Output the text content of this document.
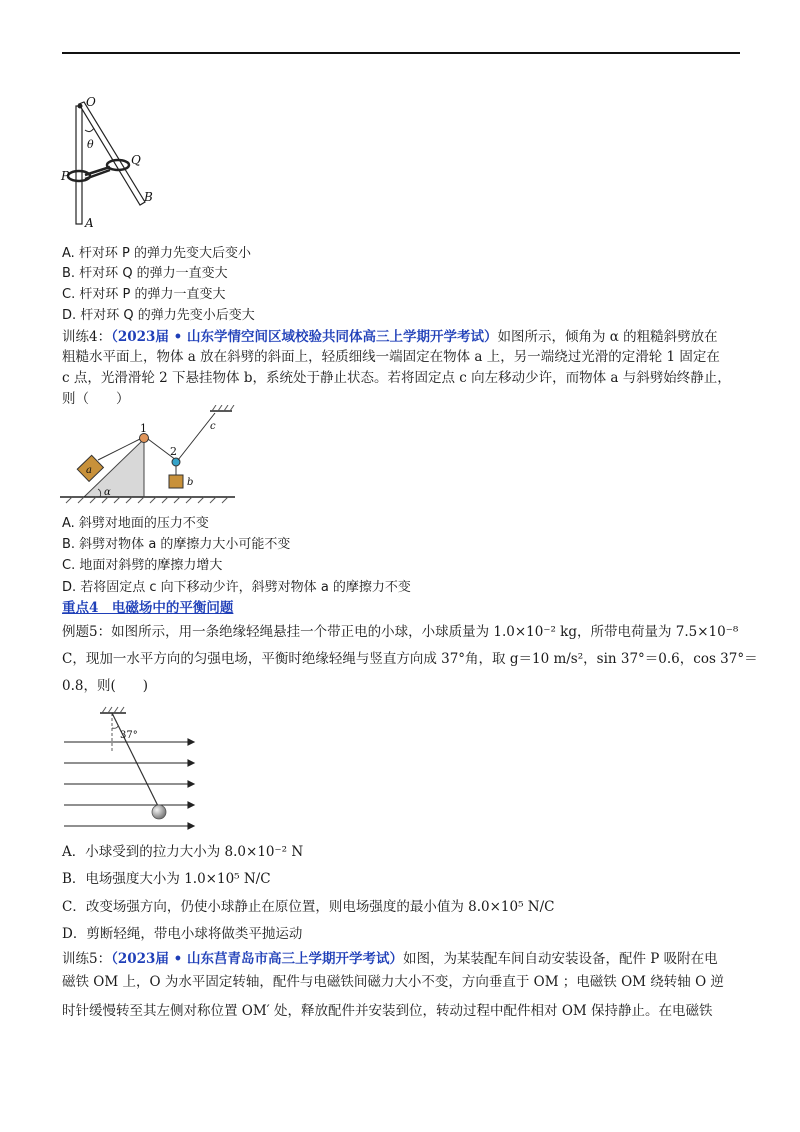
O
θ
Q
P
B
A
A. 杆对环 P 的弹力先变大后变小
B. 杆对环 Q 的弹力一直变大
C. 杆对环 P 的弹力一直变大
D. 杆对环 Q 的弹力先变小后变大
训练4：（2023届 • 山东学情空间区域校验共同体高三上学期开学考试）如图所示，倾角为 α 的粗糙斜劈放在
粗糙水平面上，物体 a 放在斜劈的斜面上，轻质细线一端固定在物体 a 上，另一端绕过光滑的定滑轮 1 固定在
c 点，光滑滑轮 2 下悬挂物体 b，系统处于静止状态。若将固定点 c 向左移动少许，而物体 a 与斜劈始终静止，
则（　　）
1
2
c
a
b
α
A. 斜劈对地面的压力不变
B. 斜劈对物体 a 的摩擦力大小可能不变
C. 地面对斜劈的摩擦力增大
D. 若将固定点 c 向下移动少许，斜劈对物体 a 的摩擦力不变
重点4　电磁场中的平衡问题
例题5：如图所示，用一条绝缘轻绳悬挂一个带正电的小球，小球质量为 1.0×10⁻² kg，所带电荷量为 7.5×10⁻⁸
C，现加一水平方向的匀强电场，平衡时绝缘轻绳与竖直方向成 37°角，取 g＝10 m/s²，sin 37°＝0.6，cos 37°＝
0.8，则(　　)
37°
A．小球受到的拉力大小为 8.0×10⁻² N
B．电场强度大小为 1.0×10⁵ N/C
C．改变场强方向，仍使小球静止在原位置，则电场强度的最小值为 8.0×10⁵ N/C
D．剪断轻绳，带电小球将做类平抛运动
训练5：（2023届 • 山东莒青岛市高三上学期开学考试）如图，为某装配车间自动安装设备，配件 P 吸附在电
磁铁 OM 上，O 为水平固定转轴，配件与电磁铁间磁力大小不变，方向垂直于 OM ；电磁铁 OM 绕转轴 O 逆
时针缓慢转至其左侧对称位置 OM′ 处，释放配件并安装到位，转动过程中配件相对 OM 保持静止。在电磁铁
